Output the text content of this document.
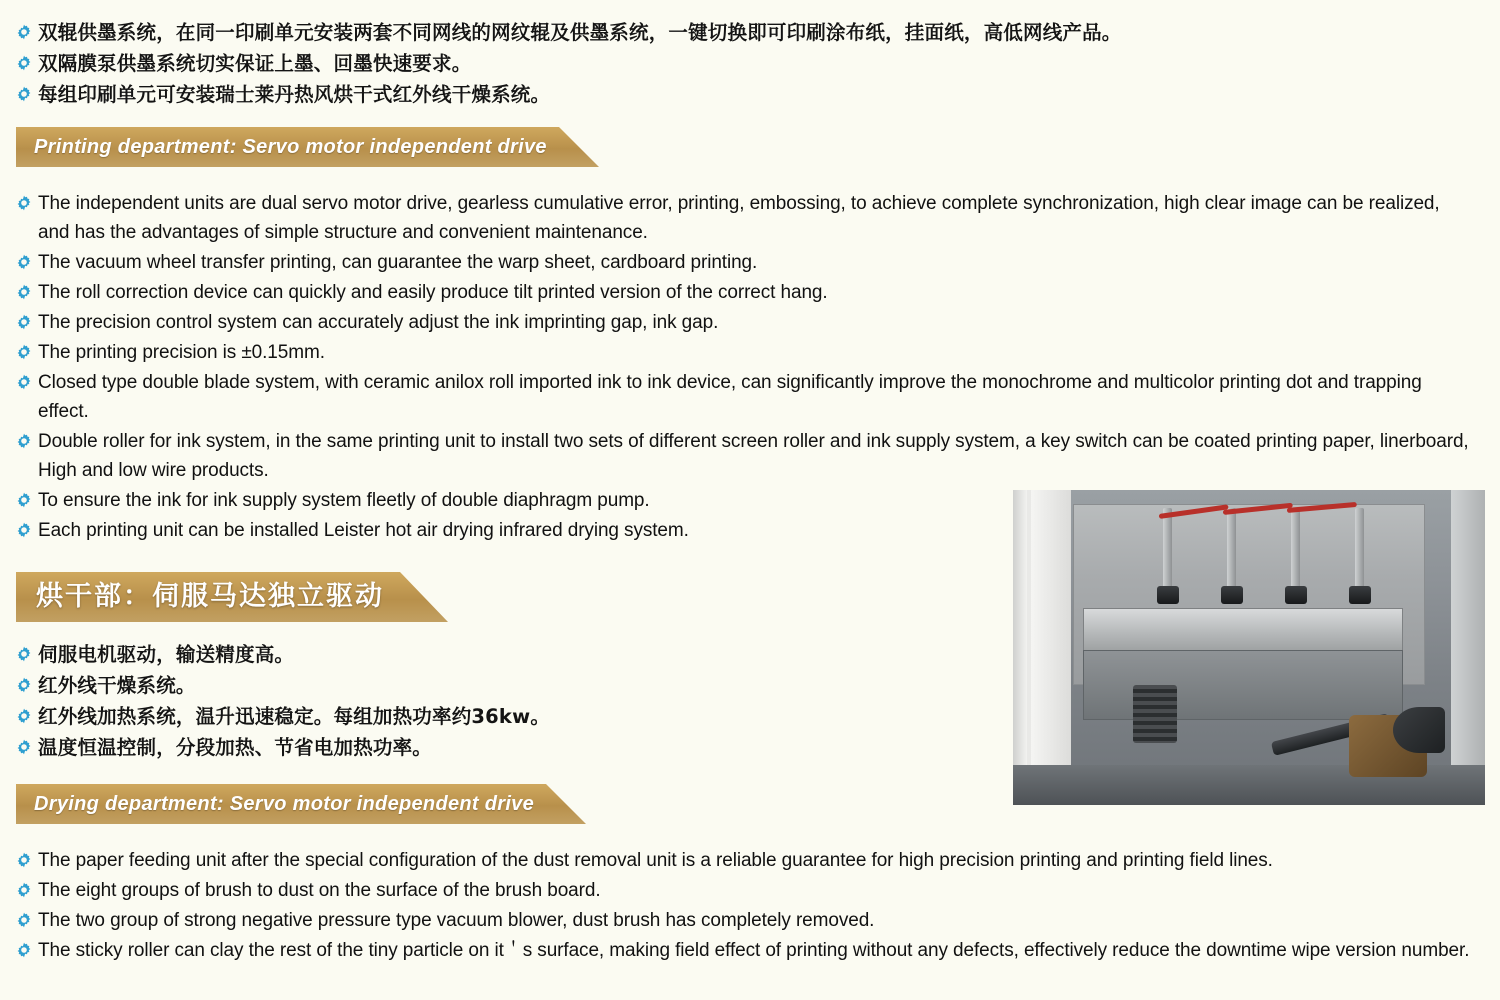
双辊供墨系统，在同一印刷单元安装两套不同网线的网纹辊及供墨系统，一键切换即可印刷涂布纸，挂面纸，高低网线产品。
双隔膜泵供墨系统切实保证上墨、回墨快速要求。
每组印刷单元可安装瑞士莱丹热风烘干式红外线干燥系统。
Printing department: Servo motor independent drive
The independent units are dual servo motor drive, gearless cumulative error, printing, embossing, to achieve complete synchronization, high clear image can be realized, and has the advantages of simple structure and convenient maintenance.
The vacuum wheel transfer printing, can guarantee the warp sheet, cardboard printing.
The roll correction device can quickly and easily produce tilt printed version of the correct hang.
The precision control system can accurately adjust the ink imprinting gap, ink gap.
The printing precision is ±0.15mm.
Closed type double blade system, with ceramic anilox roll imported ink to ink device, can significantly improve the monochrome and multicolor printing dot and trapping effect.
Double roller for ink system, in the same printing unit to install two sets of different screen roller and ink supply system, a key switch can be coated printing paper, linerboard, High and low wire products.
To ensure the ink for ink supply system fleetly of double diaphragm pump.
Each printing unit can be installed Leister hot air drying infrared drying system.
烘干部：伺服马达独立驱动
伺服电机驱动，输送精度高。
红外线干燥系统。
红外线加热系统，温升迅速稳定。每组加热功率约36kw。
温度恒温控制，分段加热、节省电加热功率。
Drying department: Servo motor independent drive
The paper feeding unit after the special configuration of the dust removal unit is a reliable guarantee for high precision printing and printing field lines.
The eight groups of brush to dust on the surface of the brush board.
The two group of strong negative pressure type vacuum blower, dust brush has completely removed.
The sticky roller can clay the rest of the tiny particle on it＇s surface, making field effect of printing without any defects, effectively reduce the downtime wipe version number.
